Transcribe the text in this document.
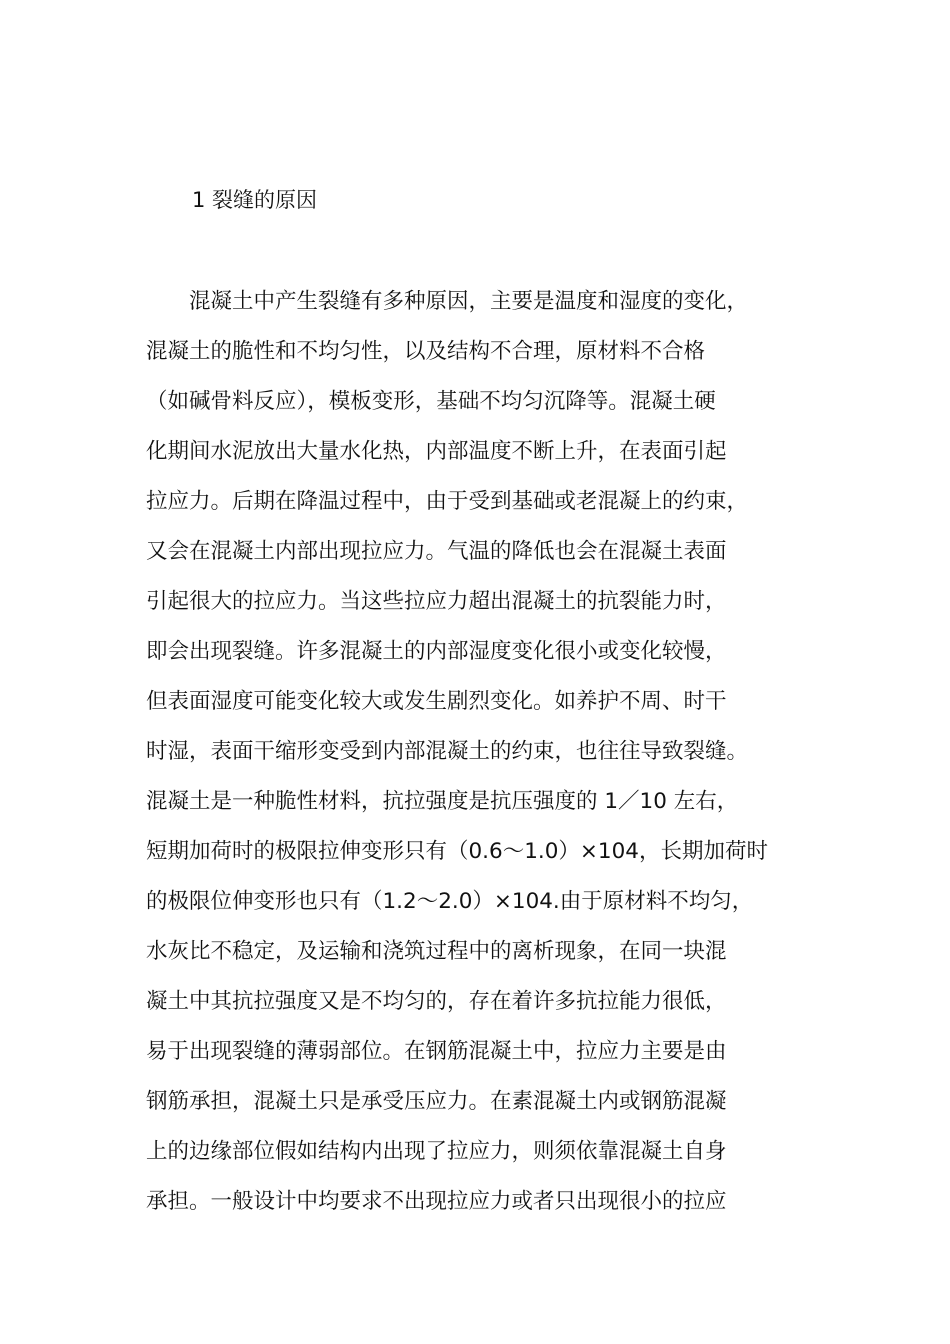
1 裂缝的原因
　　混凝土中产生裂缝有多种原因，主要是温度和湿度的变化，
混凝土的脆性和不均匀性，以及结构不合理，原材料不合格
（如碱骨料反应），模板变形，基础不均匀沉降等。混凝土硬
化期间水泥放出大量水化热，内部温度不断上升，在表面引起
拉应力。后期在降温过程中，由于受到基础或老混凝上的约束，
又会在混凝土内部出现拉应力。气温的降低也会在混凝土表面
引起很大的拉应力。当这些拉应力超出混凝土的抗裂能力时，
即会出现裂缝。许多混凝土的内部湿度变化很小或变化较慢，
但表面湿度可能变化较大或发生剧烈变化。如养护不周、时干
时湿，表面干缩形变受到内部混凝土的约束，也往往导致裂缝。
混凝土是一种脆性材料，抗拉强度是抗压强度的 1／10 左右，
短期加荷时的极限拉伸变形只有（0.6～1.0）×104，长期加荷时
的极限位伸变形也只有（1.2～2.0）×104.由于原材料不均匀，
水灰比不稳定，及运输和浇筑过程中的离析现象，在同一块混
凝土中其抗拉强度又是不均匀的，存在着许多抗拉能力很低，
易于出现裂缝的薄弱部位。在钢筋混凝土中，拉应力主要是由
钢筋承担，混凝土只是承受压应力。在素混凝土内或钢筋混凝
上的边缘部位假如结构内出现了拉应力，则须依靠混凝土自身
承担。一般设计中均要求不出现拉应力或者只出现很小的拉应
